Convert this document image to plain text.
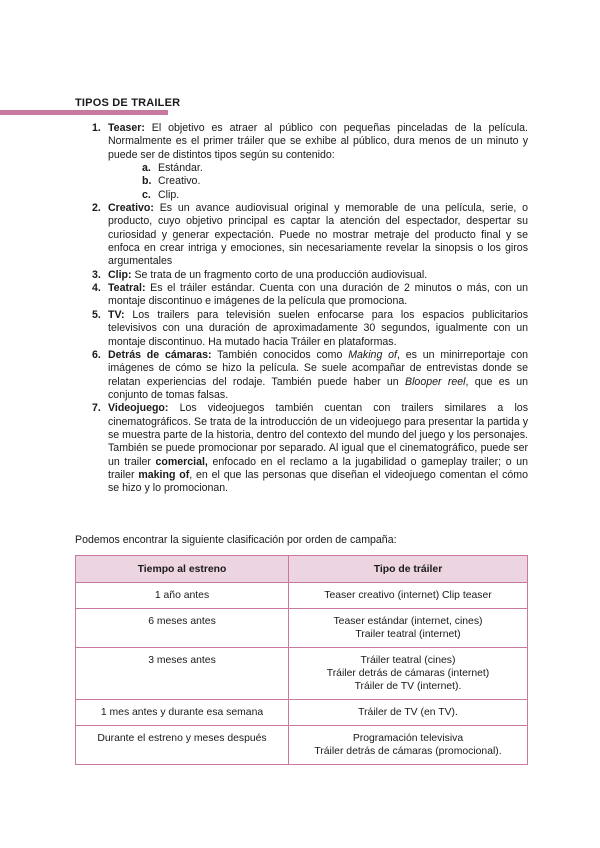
TIPOS DE TRAILER
1. Teaser: El objetivo es atraer al público con pequeñas pinceladas de la película. Normalmente es el primer tráiler que se exhibe al público, dura menos de un minuto y puede ser de distintos tipos según su contenido:
a. Estándar.
b. Creativo.
c. Clip.
2. Creativo: Es un avance audiovisual original y memorable de una película, serie, o producto, cuyo objetivo principal es captar la atención del espectador, despertar su curiosidad y generar expectación. Puede no mostrar metraje del producto final y se enfoca en crear intriga y emociones, sin necesariamente revelar la sinopsis o los giros argumentales
3. Clip: Se trata de un fragmento corto de una producción audiovisual.
4. Teatral: Es el tráiler estándar. Cuenta con una duración de 2 minutos o más, con un montaje discontinuo e imágenes de la película que promociona.
5. TV: Los trailers para televisión suelen enfocarse para los espacios publicitarios televisivos con una duración de aproximadamente 30 segundos, igualmente con un montaje discontinuo. Ha mutado hacia Tráiler en plataformas.
6. Detrás de cámaras: También conocidos como Making of, es un minirreportaje con imágenes de cómo se hizo la película. Se suele acompañar de entrevistas donde se relatan experiencias del rodaje. También puede haber un Blooper reel, que es un conjunto de tomas falsas.
7. Videojuego: Los videojuegos también cuentan con trailers similares a los cinematográficos. Se trata de la introducción de un videojuego para presentar la partida y se muestra parte de la historia, dentro del contexto del mundo del juego y los personajes. También se puede promocionar por separado. Al igual que el cinematográfico, puede ser un trailer comercial, enfocado en el reclamo a la jugabilidad o gameplay trailer; o un trailer making of, en el que las personas que diseñan el videojuego comentan el cómo se hizo y lo promocionan.
Podemos encontrar la siguiente clasificación por orden de campaña:
Tiempo al estreno	Tipo de tráiler
1 año antes	Teaser creativo (internet) Clip teaser

6 meses antes	Teaser estándar (internet, cines)
Trailer teatral (internet)

3 meses antes	Tráiler teatral (cines)
Tráiler detrás de cámaras (internet)
Tráiler de TV (internet).

1 mes antes y durante esa semana	Tráiler de TV (en TV).

Durante el estreno y meses después	Programación televisiva
Tráiler detrás de cámaras (promocional).
